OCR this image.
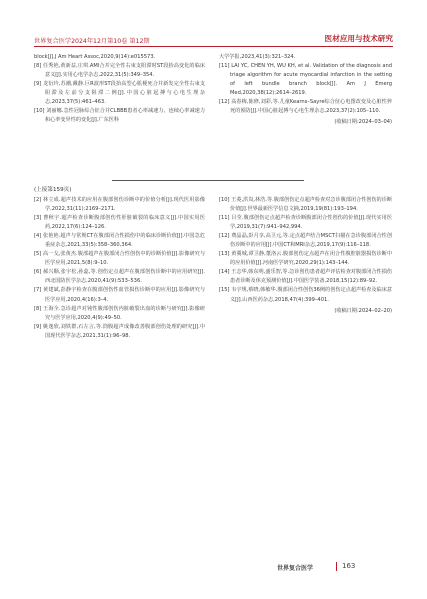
世界复合医学2024年12月第10卷 第12期	医材应用与技术研究

block[J].J Am Heart Assoc,2020,9(14):e015573.

[8] 任秀艳,黄新益,庄琪.AMI合并完全性右束支阻滞时ST段抬高变化的临床意义[J].实用心电学杂志,2022,31(5):349–354.

[9] 龙衍玲,苏潮,戴静.巨R波形ST段抬高型心肌梗死合并新发完全性右束支阻滞及左前分支阻滞二例[J].中国心脏起搏与心电生理杂志,2023,37(5):461–463.

[10] 刘丽娜.急性冠脉综合征合并CLBBB患者心率减速力、连续心率减速力和心率变异性的变化[J].广东医科

大学学报,2023,41(3):321–324.

[11] LAI YC, CHEN YH, WU KH, et al. Validation of the diagnosis and triage algorithm for acute myocardial infarction in the setting of left bundle branch block[J]. Am J Emerg Med,2020,38(12):2614–2619.

[12] 高春梅,陈修,刘彩,等.儿童Kearns–Sayre综合征心电图改变及心脏性猝死的预防[J].中国心脏起搏与心电生理杂志,2023,37(2):105–110.

(收稿日期:2024–03–04)

(上接第159页)

[2] 林立成.超声技术的应用在腹部创伤诊断中的价值分析[J].现代医用影像学,2022,31(11):2169–2171.

[3] 曹秋宇.超声检查诊断腹部创伤性肝脏破裂的临床意义[J].中国实用医药,2022,17(6):124–126.

[4] 张艳艳.超声与常规CT在腹部闭合性损伤中的临床诊断价值[J].中国急危重症杂志,2021,33(5):358–360,364.

[5] 高一戈,张黄杰.腹部超声在腹部闭合性创伤中的诊断价值[J].影像研究与医学应用,2021,5(8):9–10.

[6] 郝兴顺,张宇松,孙蕊,等.创伤定点超声在腹部创伤诊断中的应用研究[J].西北国防医学杂志,2020,41(9):533–536.

[7] 黄建斌,彭静宇检查在腹部创伤性血管损伤诊断中的应用[J].影像研究与医学应用,2020,4(16):3–4.

[8] 王海全.急诊超声对钝性腹部创伤内脏破裂出血的诊断与研究[J].影像研究与医学应用,2020,4(9):49–50.

[9] 姚逸欣,刘铁群,石左言,等.筒腹超声成像改善腹部创伤处理的研究[J].中国现代医学杂志,2021,31(1):96–98.

[10] 王菱,洪岚,林浩,等.腹部创伤定点超声检查对急诊腹部闭合性创伤的诊断价值[J].世界最新医学信息文摘,2019,19(81):193–194.

[11] 吕莹.腹部创伤定点超声检查诊断腹部闭合性创伤的价值[J].现代实用医学,2019,31(7):941–942,994.

[12] 费晶晶,彭月享,高卫元,等.定点超声结合MSCT扫描在急诊腹部闭合性创伤诊断中的应用[J].中国CT和MRI杂志,2019,17(9):116–118.

[13] 黄冀城,谭卫静,董洛云.腹部创伤定点超声在闭合性腹腔脏器损伤诊断中的应用价值[J].河南医学研究,2020,29(1):143–144.

[14] 王志华,韩东明,盛乐智,等.急诊创伤患者超声评估检查对腹部闭合性损伤患者诊断及休克预测价值[J].中国医学装备,2018,15(12):89–92.

[15] 韦宇规,蔡晓,韩敏华.腹部闭合性创伤36例的创伤定点超声检查及临床意义[J].山西医药杂志,2018,47(4):399–401.

(收稿日期:2024–02–20)

世界复合医学	163
